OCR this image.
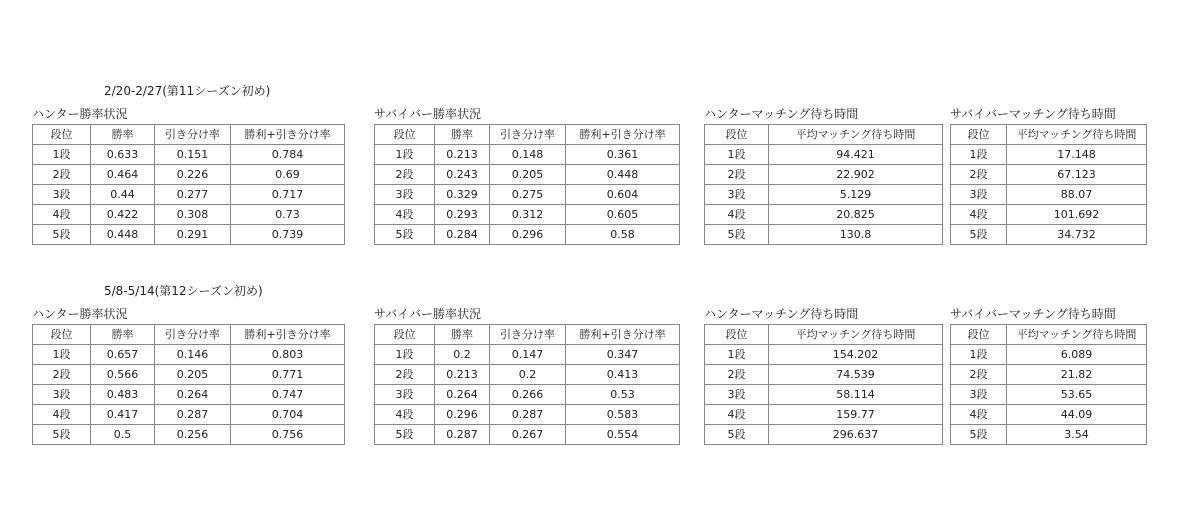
2/20-2/27(第11シーズン初め)
ハンター勝率状況
段位	勝率	引き分け率	勝利+引き分け率
1段	0.633	0.151	0.784
2段	0.464	0.226	0.69
3段	0.44	0.277	0.717
4段	0.422	0.308	0.73
5段	0.448	0.291	0.739
サバイバー勝率状況
段位	勝率	引き分け率	勝利+引き分け率
1段	0.213	0.148	0.361
2段	0.243	0.205	0.448
3段	0.329	0.275	0.604
4段	0.293	0.312	0.605
5段	0.284	0.296	0.58
ハンターマッチング待ち時間
段位	平均マッチング待ち時間
1段	94.421
2段	22.902
3段	5.129
4段	20.825
5段	130.8
サバイバーマッチング待ち時間
段位	平均マッチング待ち時間
1段	17.148
2段	67.123
3段	88.07
4段	101.692
5段	34.732
5/8-5/14(第12シーズン初め)
ハンター勝率状況
段位	勝率	引き分け率	勝利+引き分け率
1段	0.657	0.146	0.803
2段	0.566	0.205	0.771
3段	0.483	0.264	0.747
4段	0.417	0.287	0.704
5段	0.5	0.256	0.756
サバイバー勝率状況
段位	勝率	引き分け率	勝利+引き分け率
1段	0.2	0.147	0.347
2段	0.213	0.2	0.413
3段	0.264	0.266	0.53
4段	0.296	0.287	0.583
5段	0.287	0.267	0.554
ハンターマッチング待ち時間
段位	平均マッチング待ち時間
1段	154.202
2段	74.539
3段	58.114
4段	159.77
5段	296.637
サバイバーマッチング待ち時間
段位	平均マッチング待ち時間
1段	6.089
2段	21.82
3段	53.65
4段	44.09
5段	3.54
